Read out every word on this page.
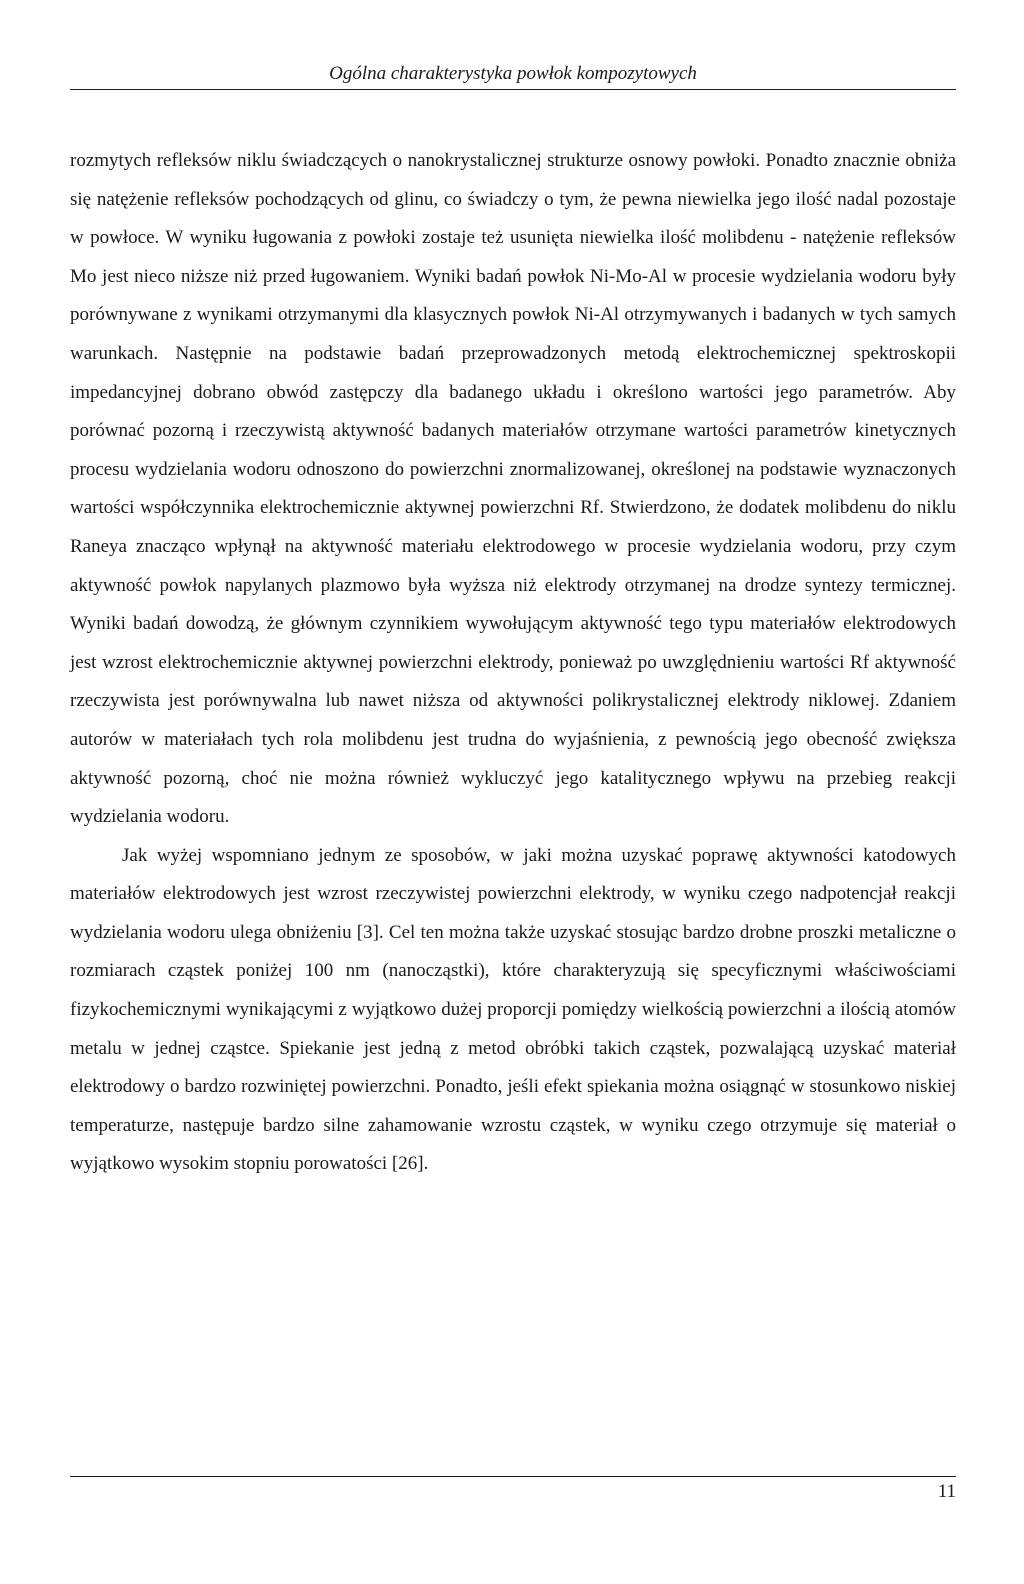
Ogólna charakterystyka powłok kompozytowych

rozmytych refleksów niklu świadczących o nanokrystalicznej strukturze osnowy powłoki. Ponadto znacznie obniża się natężenie refleksów pochodzących od glinu, co świadczy o tym, że pewna niewielka jego ilość nadal pozostaje w powłoce. W wyniku ługowania z powłoki zostaje też usunięta niewielka ilość molibdenu - natężenie refleksów Mo jest nieco niższe niż przed ługowaniem. Wyniki badań powłok Ni-Mo-Al w procesie wydzielania wodoru były porównywane z wynikami otrzymanymi dla klasycznych powłok Ni-Al otrzymywanych i badanych w tych samych warunkach. Następnie na podstawie badań przeprowadzonych metodą elektrochemicznej spektroskopii impedancyjnej dobrano obwód zastępczy dla badanego układu i określono wartości jego parametrów. Aby porównać pozorną i rzeczywistą aktywność badanych materiałów otrzymane wartości parametrów kinetycznych procesu wydzielania wodoru odnoszono do powierzchni znormalizowanej, określonej na podstawie wyznaczonych wartości współczynnika elektrochemicznie aktywnej powierzchni Rf. Stwierdzono, że dodatek molibdenu do niklu Raneya znacząco wpłynął na aktywność materiału elektrodowego w procesie wydzielania wodoru, przy czym aktywność powłok napylanych plazmowo była wyższa niż elektrody otrzymanej na drodze syntezy termicznej. Wyniki badań dowodzą, że głównym czynnikiem wywołującym aktywność tego typu materiałów elektrodowych jest wzrost elektrochemicznie aktywnej powierzchni elektrody, ponieważ po uwzględnieniu wartości Rf aktywność rzeczywista jest porównywalna lub nawet niższa od aktywności polikrystalicznej elektrody niklowej. Zdaniem autorów w materiałach tych rola molibdenu jest trudna do wyjaśnienia, z pewnością jego obecność zwiększa aktywność pozorną, choć nie można również wykluczyć jego katalitycznego wpływu na przebieg reakcji wydzielania wodoru.

Jak wyżej wspomniano jednym ze sposobów, w jaki można uzyskać poprawę aktywności katodowych materiałów elektrodowych jest wzrost rzeczywistej powierzchni elektrody, w wyniku czego nadpotencjał reakcji wydzielania wodoru ulega obniżeniu [3]. Cel ten można także uzyskać stosując bardzo drobne proszki metaliczne o rozmiarach cząstek poniżej 100 nm (nanocząstki), które charakteryzują się specyficznymi właściwościami fizykochemicznymi wynikającymi z wyjątkowo dużej proporcji pomiędzy wielkością powierzchni a ilością atomów metalu w jednej cząstce. Spiekanie jest jedną z metod obróbki takich cząstek, pozwalającą uzyskać materiał elektrodowy o bardzo rozwiniętej powierzchni. Ponadto, jeśli efekt spiekania można osiągnąć w stosunkowo niskiej temperaturze, następuje bardzo silne zahamowanie wzrostu cząstek, w wyniku czego otrzymuje się materiał o wyjątkowo wysokim stopniu porowatości [26].

11
